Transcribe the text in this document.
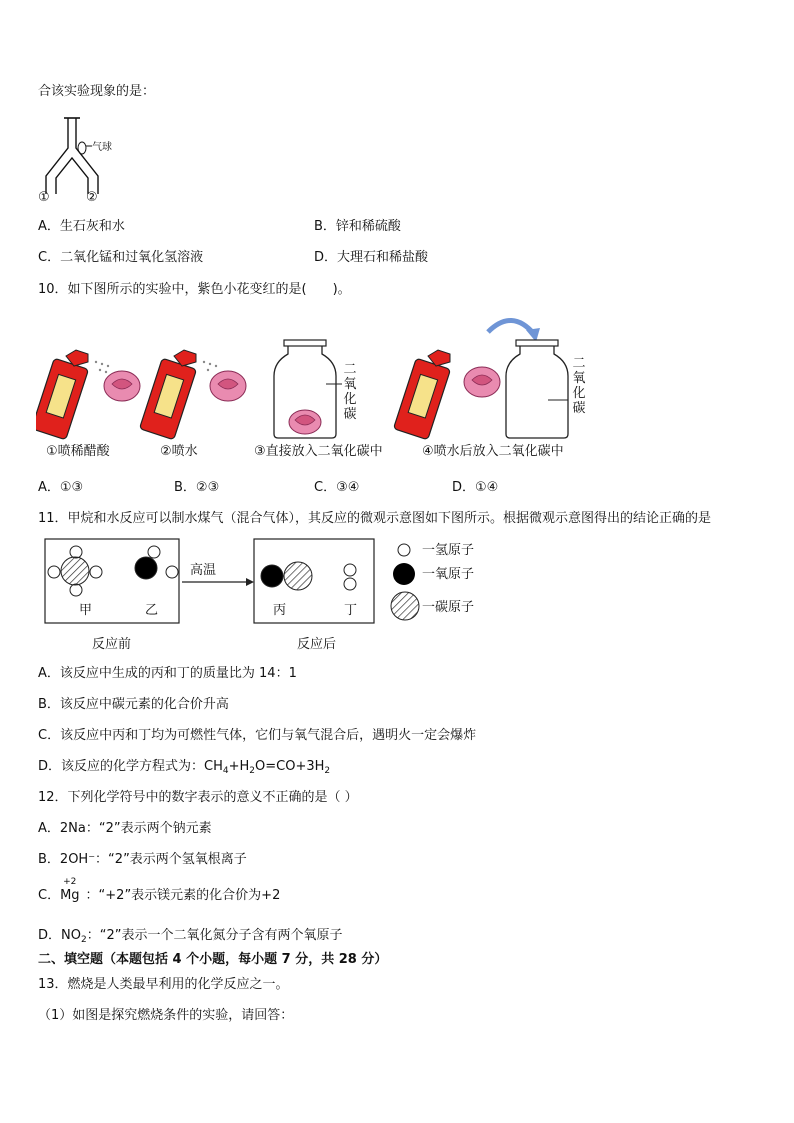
合该实验现象的是：
气球
①	②
A．生石灰和水	B．锌和稀硫酸
C．二氧化锰和过氧化氢溶液	D．大理石和稀盐酸
10．如下图所示的实验中，紫色小花变红的是(　　)。
二
氧
化
碳
二
氧
化
碳
①喷稀醋酸	②喷水	③直接放入二氧化碳中	④喷水后放入二氧化碳中
A．①③	B．②③	C．③④	D．①④
11．甲烷和水反应可以制水煤气（混合气体），其反应的微观示意图如下图所示。根据微观示意图得出的结论正确的是
高温
甲	乙	丙	丁
反应前	反应后
一氢原子
一氧原子
一碳原子
A．该反应中生成的丙和丁的质量比为 14：1
B．该反应中碳元素的化合价升高
C．该反应中丙和丁均为可燃性气体，它们与氧气混合后，遇明火一定会爆炸
D．该反应的化学方程式为：$CH_4+H_2O=CO+3H_2$
12．下列化学符号中的数字表示的意义不正确的是（ ）
A．2Na：“2”表示两个钠元素
B．2OH⁻：“2”表示两个氢氧根离子
C．
+2
Mg ：“+2”表示镁元素的化合价为+2
D．$NO_2$：“2”表示一个二氧化氮分子含有两个氧原子
二、填空题（本题包括 4 个小题，每小题 7 分，共 28 分）
13．燃烧是人类最早利用的化学反应之一。
（1）如图是探究燃烧条件的实验，请回答：
